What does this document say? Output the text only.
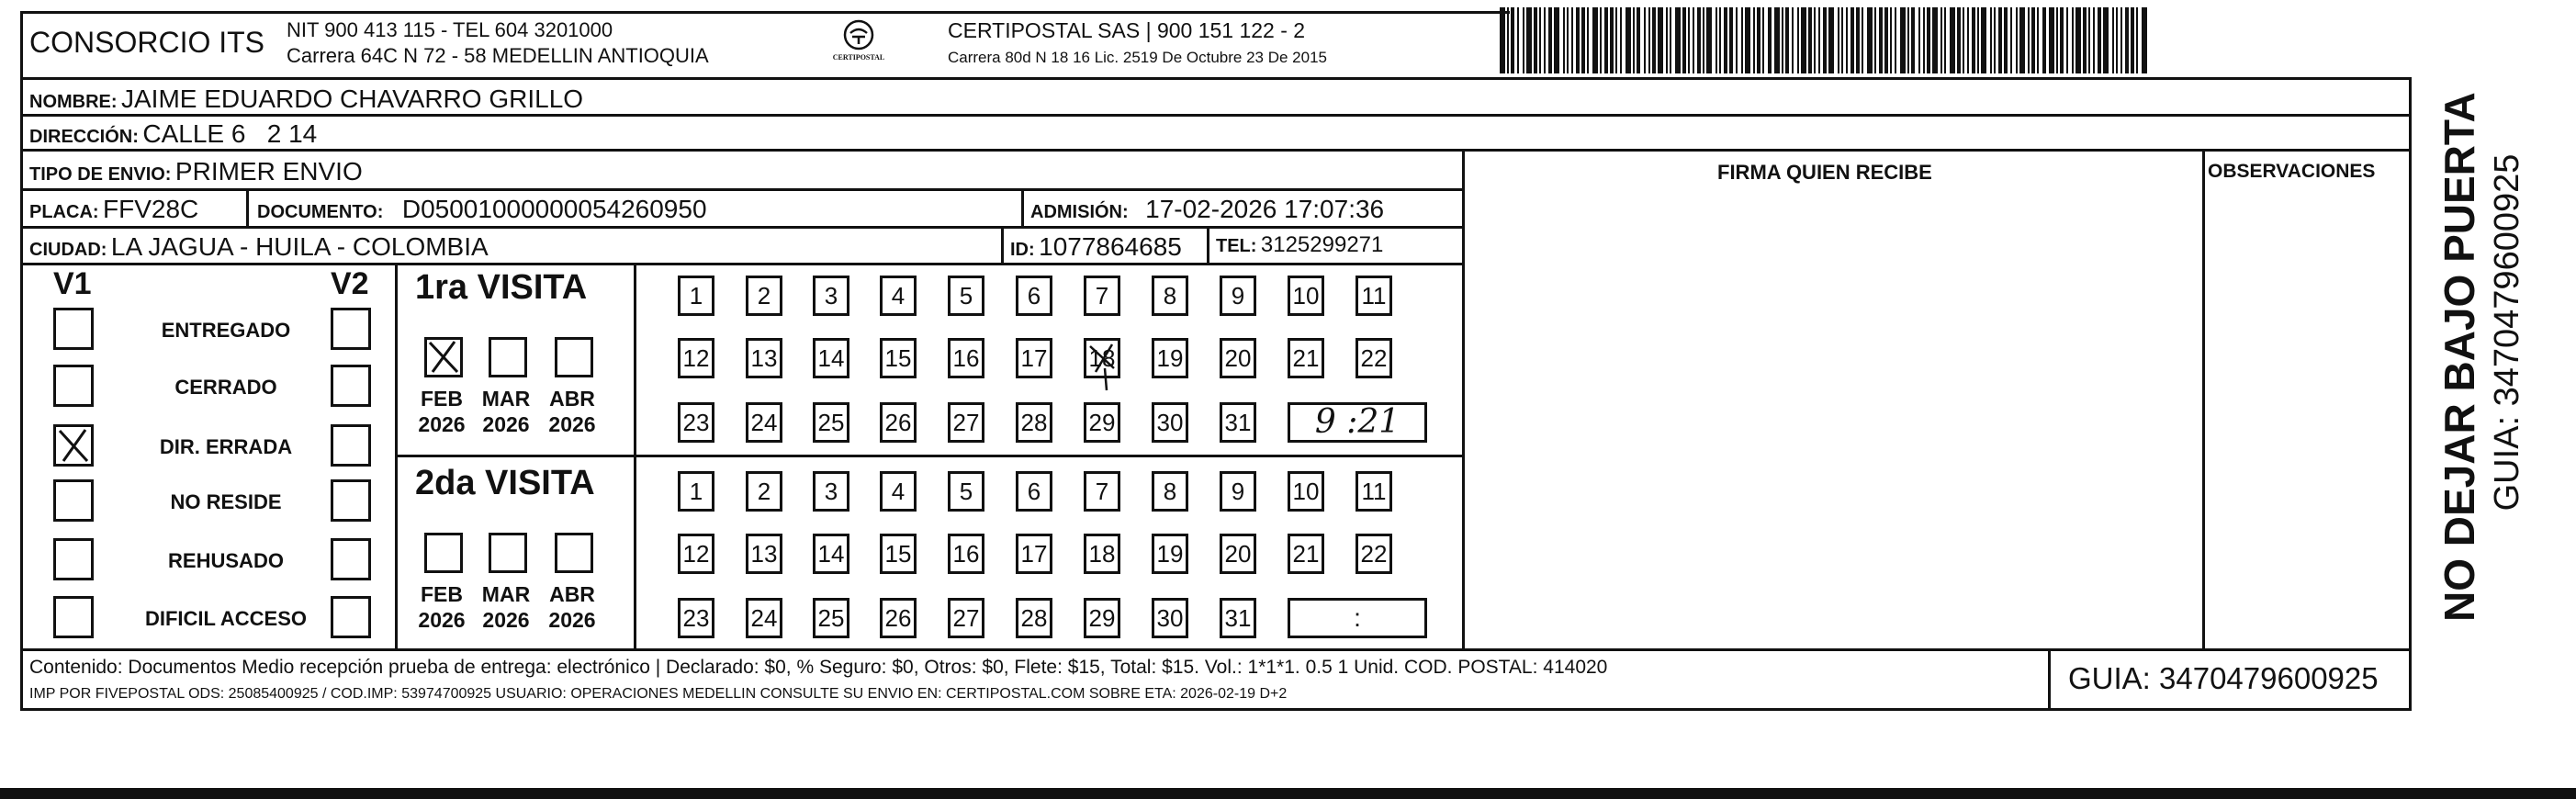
CONSORCIO ITS NIT 900 413 115 - TEL 604 3201000
Carrera 64C N 72 - 58 MEDELLIN ANTIOQUIA	CERTIPOSTAL
CERTIPOSTAL SAS | 900 151 122 - 2
Carrera 80d N 18 16 Lic. 2519 De Octubre 23 De 2015
NOMBRE: JAIME EDUARDO CHAVARRO GRILLO
DIRECCIÓN: CALLE 6   2 14
TIPO DE ENVIO: PRIMER ENVIO	FIRMA QUIEN RECIBE	OBSERVACIONES
PLACA: FFV28C	DOCUMENTO: D05001000000054260950	ADMISIÓN: 17-02-2026 17:07:36
CIUDAD: LA JAGUA - HUILA - COLOMBIA	ID: 1077864685 TEL: 3125299271
V1	V2
ENTREGADO
CERRADO
DIR. ERRADA
NO RESIDE
REHUSADO
DIFICIL ACCESO
1ra VISITA
FEB
2026
MAR
2026
ABR
2026
1	2	3	4	5	6	7	8	9	10 11
12 13 14 15 16 17 18 19 20 21 22
23 24 25 26 27 28 29 30 31	9 :21
2da VISITA
FEB
2026
MAR
2026
ABR
2026
1	2	3	4	5	6	7	8	9	10 11
12 13 14 15 16 17 18 19 20 21 22
23 24 25 26 27 28 29 30 31	:
Contenido: Documentos Medio recepción prueba de entrega: electrónico | Declarado: $0, % Seguro: $0, Otros: $0, Flete: $15, Total: $15. Vol.: 1*1*1. 0.5 1 Unid. COD. POSTAL: 414020
IMP POR FIVEPOSTAL ODS: 25085400925 / COD.IMP: 53974700925 USUARIO: OPERACIONES MEDELLIN CONSULTE SU ENVIO EN: CERTIPOSTAL.COM SOBRE ETA: 2026-02-19 D+2	GUIA: 3470479600925
NO DEJAR BAJO PUERTA GUIA: 3470479600925
